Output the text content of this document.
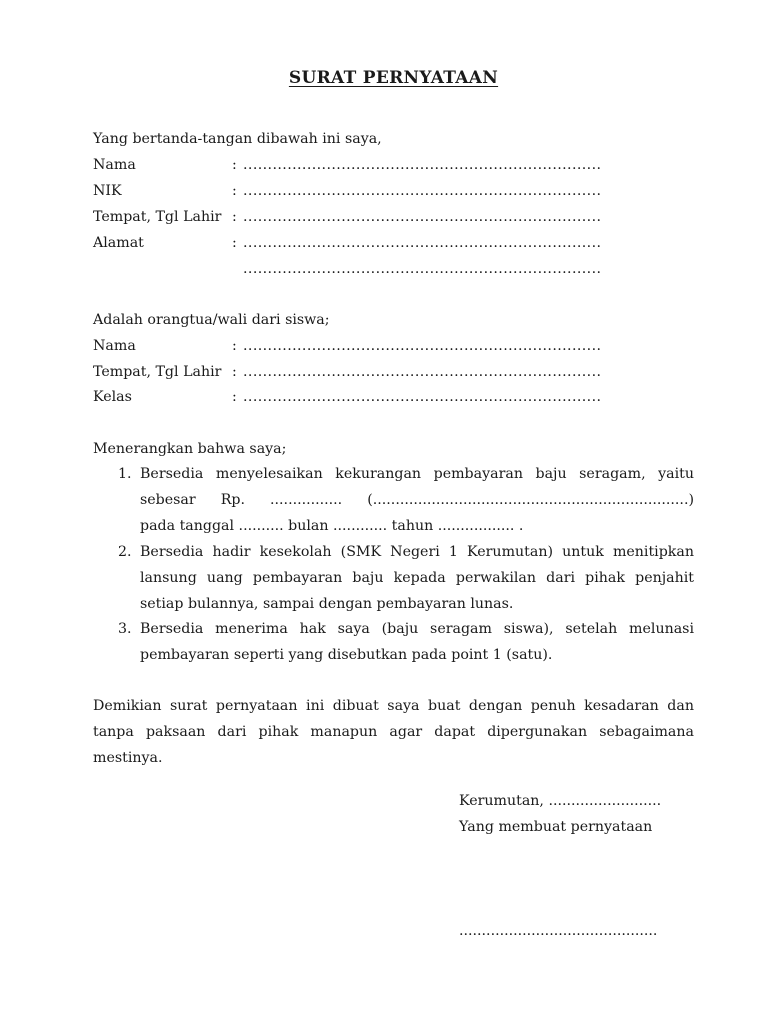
SURAT PERNYATAAN
Yang bertanda-tangan dibawah ini saya,
Nama	: .........................................................................
NIK	: .........................................................................
Tempat, Tgl Lahir : .........................................................................
Alamat	: .........................................................................
.........................................................................
Adalah orangtua/wali dari siswa;
Nama	: .........................................................................
Tempat, Tgl Lahir : .........................................................................
Kelas	: .........................................................................
Menerangkan bahwa saya;
1. Bersedia menyelesaikan kekurangan pembayaran baju seragam, yaitu
sebesar Rp. ................ (......................................................................)
pada tanggal .......... bulan ............ tahun ................. .
2. Bersedia hadir kesekolah (SMK Negeri 1 Kerumutan) untuk menitipkan
lansung uang pembayaran baju kepada perwakilan dari pihak penjahit
setiap bulannya, sampai dengan pembayaran lunas.
3. Bersedia menerima hak saya (baju seragam siswa), setelah melunasi
pembayaran seperti yang disebutkan pada point 1 (satu).
Demikian surat pernyataan ini dibuat saya buat dengan penuh kesadaran dan
tanpa paksaan dari pihak manapun agar dapat dipergunakan sebagaimana
mestinya.
Kerumutan, .........................
Yang membuat pernyataan
............................................
